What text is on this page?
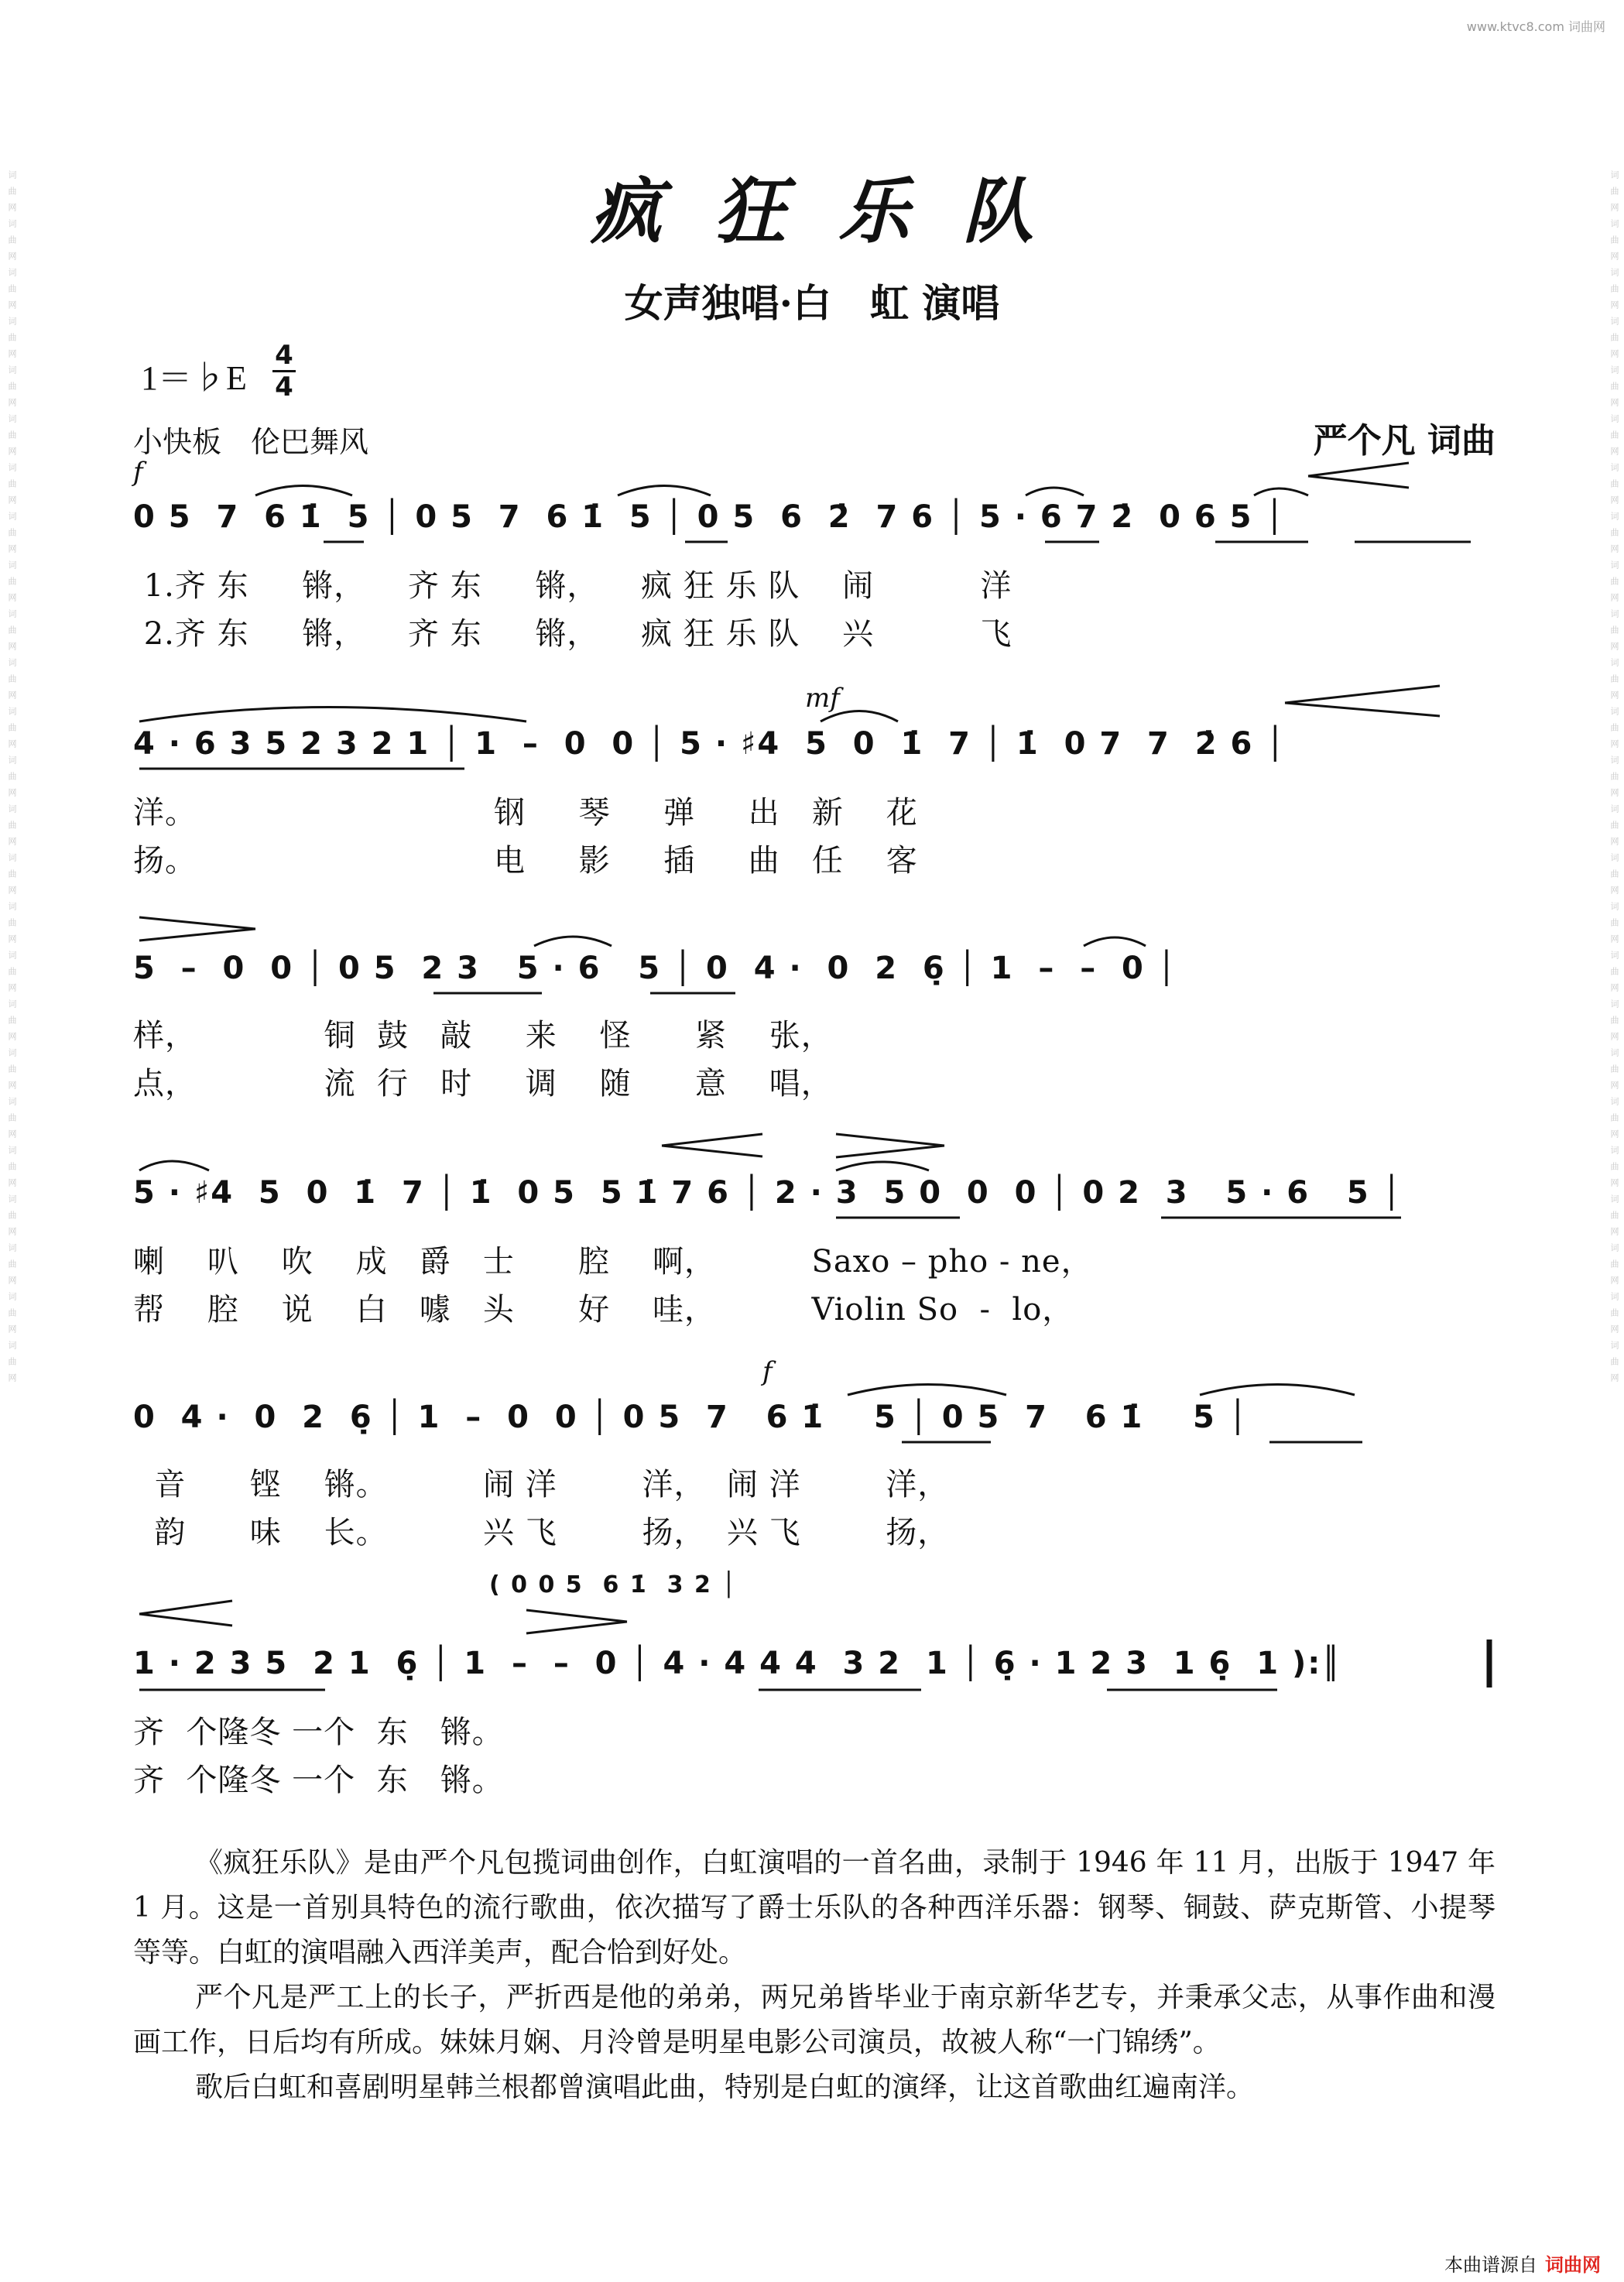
www.ktvc8.com 词曲网
词曲网词曲网词曲网词曲网词曲网词曲网词曲网词曲网词曲网词曲网词曲网词曲网词曲网词曲网词曲网词曲网词曲网词曲网词曲网词曲网词曲网词曲网词曲网词曲网词曲网	词曲网词曲网词曲网词曲网词曲网词曲网词曲网词曲网词曲网词曲网词曲网词曲网词曲网词曲网词曲网词曲网词曲网词曲网词曲网词曲网词曲网词曲网词曲网词曲网词曲网
疯狂乐队
女声独唱·白　虹 演唱
1＝♭E
4
4
小快板　伦巴舞风	严个凡 词曲
f
0 5  7  6 1̇  5 │ 0 5  7  6 1̇  5 │ 0 5  6  2̇  7 6 │ 5 · 6 7 2̇  0 6 5 │
1.齐 东     锵，    齐 东     锵，    疯 狂 乐 队    闹          洋
2.齐 东     锵，    齐 东     锵，    疯 狂 乐 队    兴          飞
mf
4 · 6 3 5 2 3 2 1 │ 1  –  0  0 │ 5 · ♯4  5  0  1̇  7 │ 1̇  0 7  7  2̇ 6 │
洋。                            钢     琴     弹     出   新    花
扬。                            电     影     插     曲   任    客
5  –  0  0 │ 0 5  2 3   5 · 6   5 │ 0  4 ·  0  2  6̣ │ 1  –  –  0 │
样，            铜  鼓   敲     来    怪      紧    张，
点，            流  行   时     调    随      意    唱，
5 · ♯4  5  0  1̇  7 │ 1̇  0 5  5 1̇ 7 6 │ 2 · 3  5 0  0  0 │ 0 2  3   5 · 6   5 │
喇    叭    吹    成   爵   士      腔    啊，         Saxo – pho - ne，
帮    腔    说    白   噱   头      好    哇，         Violin So  -  lo，
f
0  4 ·  0  2  6̣ │ 1  –  0  0 │ 0 5  7   6 1̇    5 │ 0 5  7   6 1̇    5 │
音      铿    锵。         闹 洋        洋，  闹 洋        洋，
韵      味    长。         兴 飞        扬，  兴 飞        扬，
( 0 0 5  6 1̇  3 2 │
1 · 2 3 5  2 1  6̣ │ 1  –  –  0 │ 4 · 4 4 4  3 2  1 │ 6̣ · 1 2 3  1 6̣  1 ):║
齐  个隆冬 一个  东   锵。
齐  个隆冬 一个  东   锵。

《疯狂乐队》是由严个凡包揽词曲创作，白虹演唱的一首名曲，录制于 1946 年 11 月，出版于 1947 年 1 月。这是一首别具特色的流行歌曲，依次描写了爵士乐队的各种西洋乐器：钢琴、铜鼓、萨克斯管、小提琴等等。白虹的演唱融入西洋美声，配合恰到好处。

严个凡是严工上的长子，严折西是他的弟弟，两兄弟皆毕业于南京新华艺专，并秉承父志，从事作曲和漫画工作，日后均有所成。妹妹月娴、月泠曾是明星电影公司演员，故被人称“一门锦绣”。

歌后白虹和喜剧明星韩兰根都曾演唱此曲，特别是白虹的演绎，让这首歌曲红遍南洋。

本曲谱源自 词曲网
